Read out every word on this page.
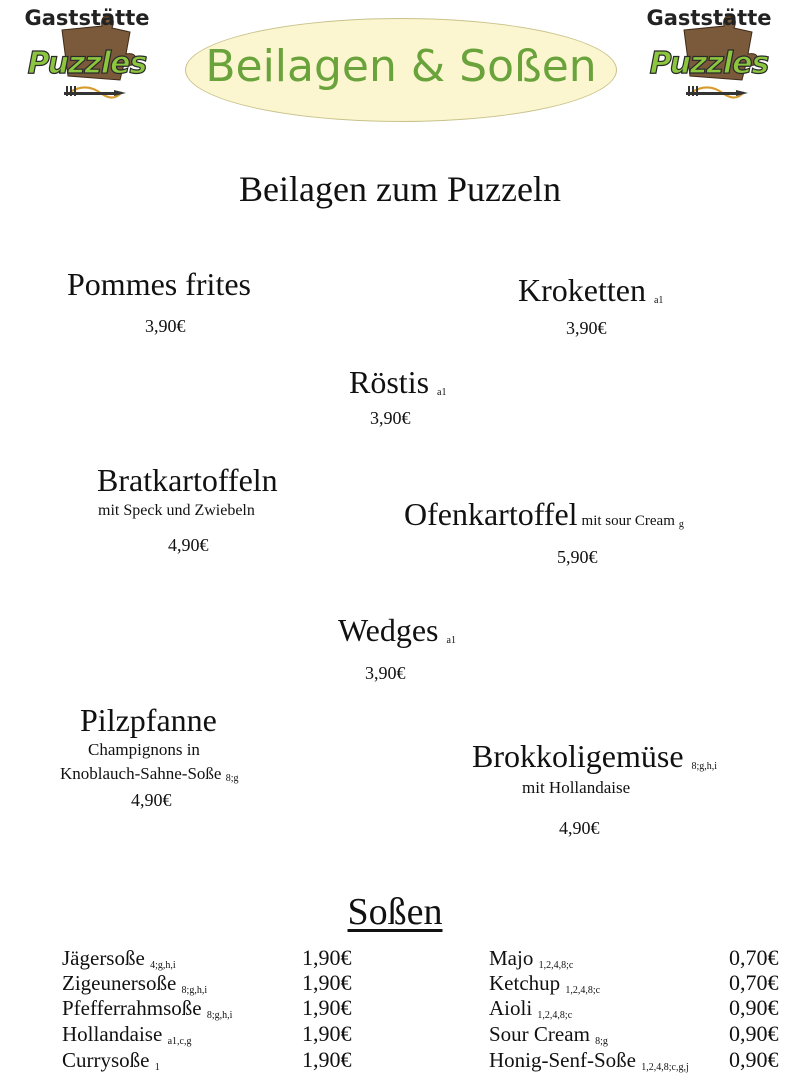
Gaststätte
Puzzles
Gaststätte
Puzzles
Beilagen & Soßen
Beilagen zum Puzzeln
Pommes frites
3,90€
Kroketten $_{a1}$
3,90€
Röstis $_{a1}$
3,90€
Bratkartoffeln
mit Speck und Zwiebeln
4,90€
Ofenkartoffel mit sour Cream $_g$
5,90€
Wedges $_{a1}$
3,90€
Pilzpfanne
Champignons in
Knoblauch-Sahne-Soße $_{8;g}$
4,90€
Brokkoligemüse $_{8;g,h,i}$
mit Hollandaise
4,90€
Soßen
Jägersoße $_{4;g,h,i}$	1,90€
Zigeunersoße $_{8;g,h,i}$	1,90€
Pfefferrahmsoße $_{8;g,h,i}$	1,90€
Hollandaise $_{a1,c,g}$	1,90€
Currysoße $_1$	1,90€
Majo $_{1,2,4,8;c}$	0,70€
Ketchup $_{1,2,4,8;c}$	0,70€
Aioli $_{1,2,4,8;c}$	0,90€
Sour Cream $_{8;g}$	0,90€
Honig-Senf-Soße $_{1,2,4,8;c,g,j}$ 0,90€
